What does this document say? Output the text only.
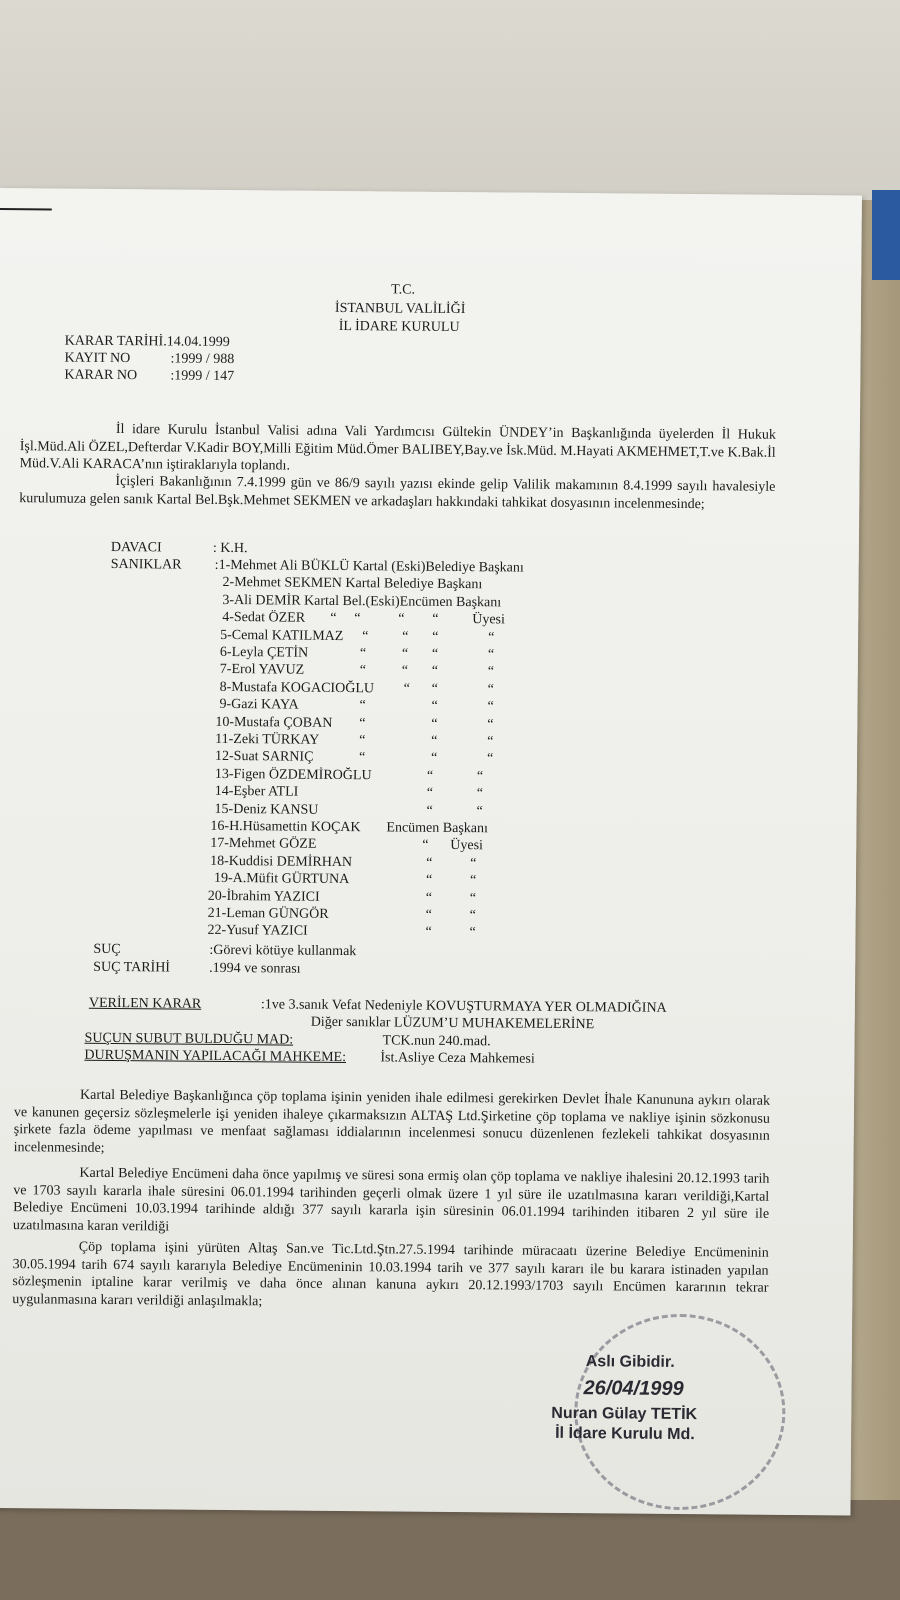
T.C.
İSTANBUL VALİLİĞİ
İL İDARE KURULU
KARAR TARİHİ.14.04.1999
KAYIT NO	:1999 / 988
KARAR NO :1999 / 147
İl idare Kurulu İstanbul Valisi adına Vali Yardımcısı Gültekin ÜNDEY’in Başkanlığında üyelerden İl Hukuk İşl.Müd.Ali ÖZEL,Defterdar V.Kadir BOY,Milli Eğitim Müd.Ömer BALIBEY,Bay.ve İsk.Müd. M.Hayati AKMEHMET,T.ve K.Bak.İl Müd.V.Ali KARACA’nın iştiraklarıyla toplandı.
İçişleri Bakanlığının 7.4.1999 gün ve 86/9 sayılı yazısı ekinde gelip Valilik makamının 8.4.1999 sayılı havalesiyle kurulumuza gelen sanık Kartal Bel.Bşk.Mehmet SEKMEN ve arkadaşları hakkındaki tahkikat dosyasının incelenmesinde;
DAVACI	: K.H.
SANIKLAR :1-Mehmet Ali BÜKLÜ Kartal (Eski)Belediye Başkanı
2-Mehmet SEKMEN Kartal Belediye Başkanı
3-Ali DEMİR Kartal Bel.(Eski)Encümen Başkanı
4-Sedat ÖZER “ “	“ “ Üyesi
5-Cemal KATILMAZ “ “ “	“
6-Leyla ÇETİN	“	“ “	“
7-Erol YAVUZ	“	“ “	“
8-Mustafa KOGACIOĞLU “ “	“
9-Gazi KAYA	“	“	“
10-Mustafa ÇOBAN “	“	“
11-Zeki TÜRKAY	“	“	“
12-Suat SARNIÇ	“	“	“
13-Figen ÖZDEMİROĞLU	“	“
14-Eşber ATLI	“	“
15-Deniz KANSU	“	“
16-H.Hüsamettin KOÇAK Encümen Başkanı
17-Mehmet GÖZE	“ Üyesi
18-Kuddisi DEMİRHAN	“	“
19-A.Müfit GÜRTUNA	“	“
20-İbrahim YAZICI	“	“
21-Leman GÜNGÖR	“	“
22-Yusuf YAZICI	“	“
SUÇ	:Görevi kötüye kullanmak
SUÇ TARİHİ	.1994 ve sonrası
VERİLEN KARAR	:1ve 3.sanık Vefat Nedeniyle KOVUŞTURMAYA YER OLMADIĞINA
Diğer sanıklar LÜZUM’U MUHAKEMELERİNE
SUÇUN SUBUT BULDUĞU MAD:	TCK.nun 240.mad.
DURUŞMANIN YAPILACAĞI MAHKEME: İst.Asliye Ceza Mahkemesi
Kartal Belediye Başkanlığınca çöp toplama işinin yeniden ihale edilmesi gerekirken Devlet İhale Kanununa aykırı olarak ve kanunen geçersiz sözleşmelerle işi yeniden ihaleye çıkarmaksızın ALTAŞ Ltd.Şirketine çöp toplama ve nakliye işinin sözkonusu şirkete fazla ödeme yapılması ve menfaat sağlaması iddialarının incelenmesi sonucu düzenlenen fezlekeli tahkikat dosyasının incelenmesinde;
Kartal Belediye Encümeni daha önce yapılmış ve süresi sona ermiş olan çöp toplama ve nakliye ihalesini 20.12.1993 tarih ve 1703 sayılı kararla ihale süresini 06.01.1994 tarihinden geçerli olmak üzere 1 yıl süre ile uzatılmasına kararı verildiği,Kartal Belediye Encümeni 10.03.1994 tarihinde aldığı 377 sayılı kararla işin süresinin 06.01.1994 tarihinden itibaren 2 yıl süre ile uzatılmasına karan verildiği
Çöp toplama işini yürüten Altaş San.ve Tic.Ltd.Ştn.27.5.1994 tarihinde müracaatı üzerine Belediye Encümeninin 30.05.1994 tarih 674 sayılı kararıyla Belediye Encümeninin 10.03.1994 tarih ve 377 sayılı kararı ile bu karara istinaden yapılan sözleşmenin iptaline karar verilmiş ve daha önce alınan kanuna aykırı 20.12.1993/1703 sayılı Encümen kararının tekrar uygulanmasına kararı verildiği anlaşılmakla;
Aslı Gibidir.
26/04/1999
Nuran Gülay TETİK
İl İdare Kurulu Md.
